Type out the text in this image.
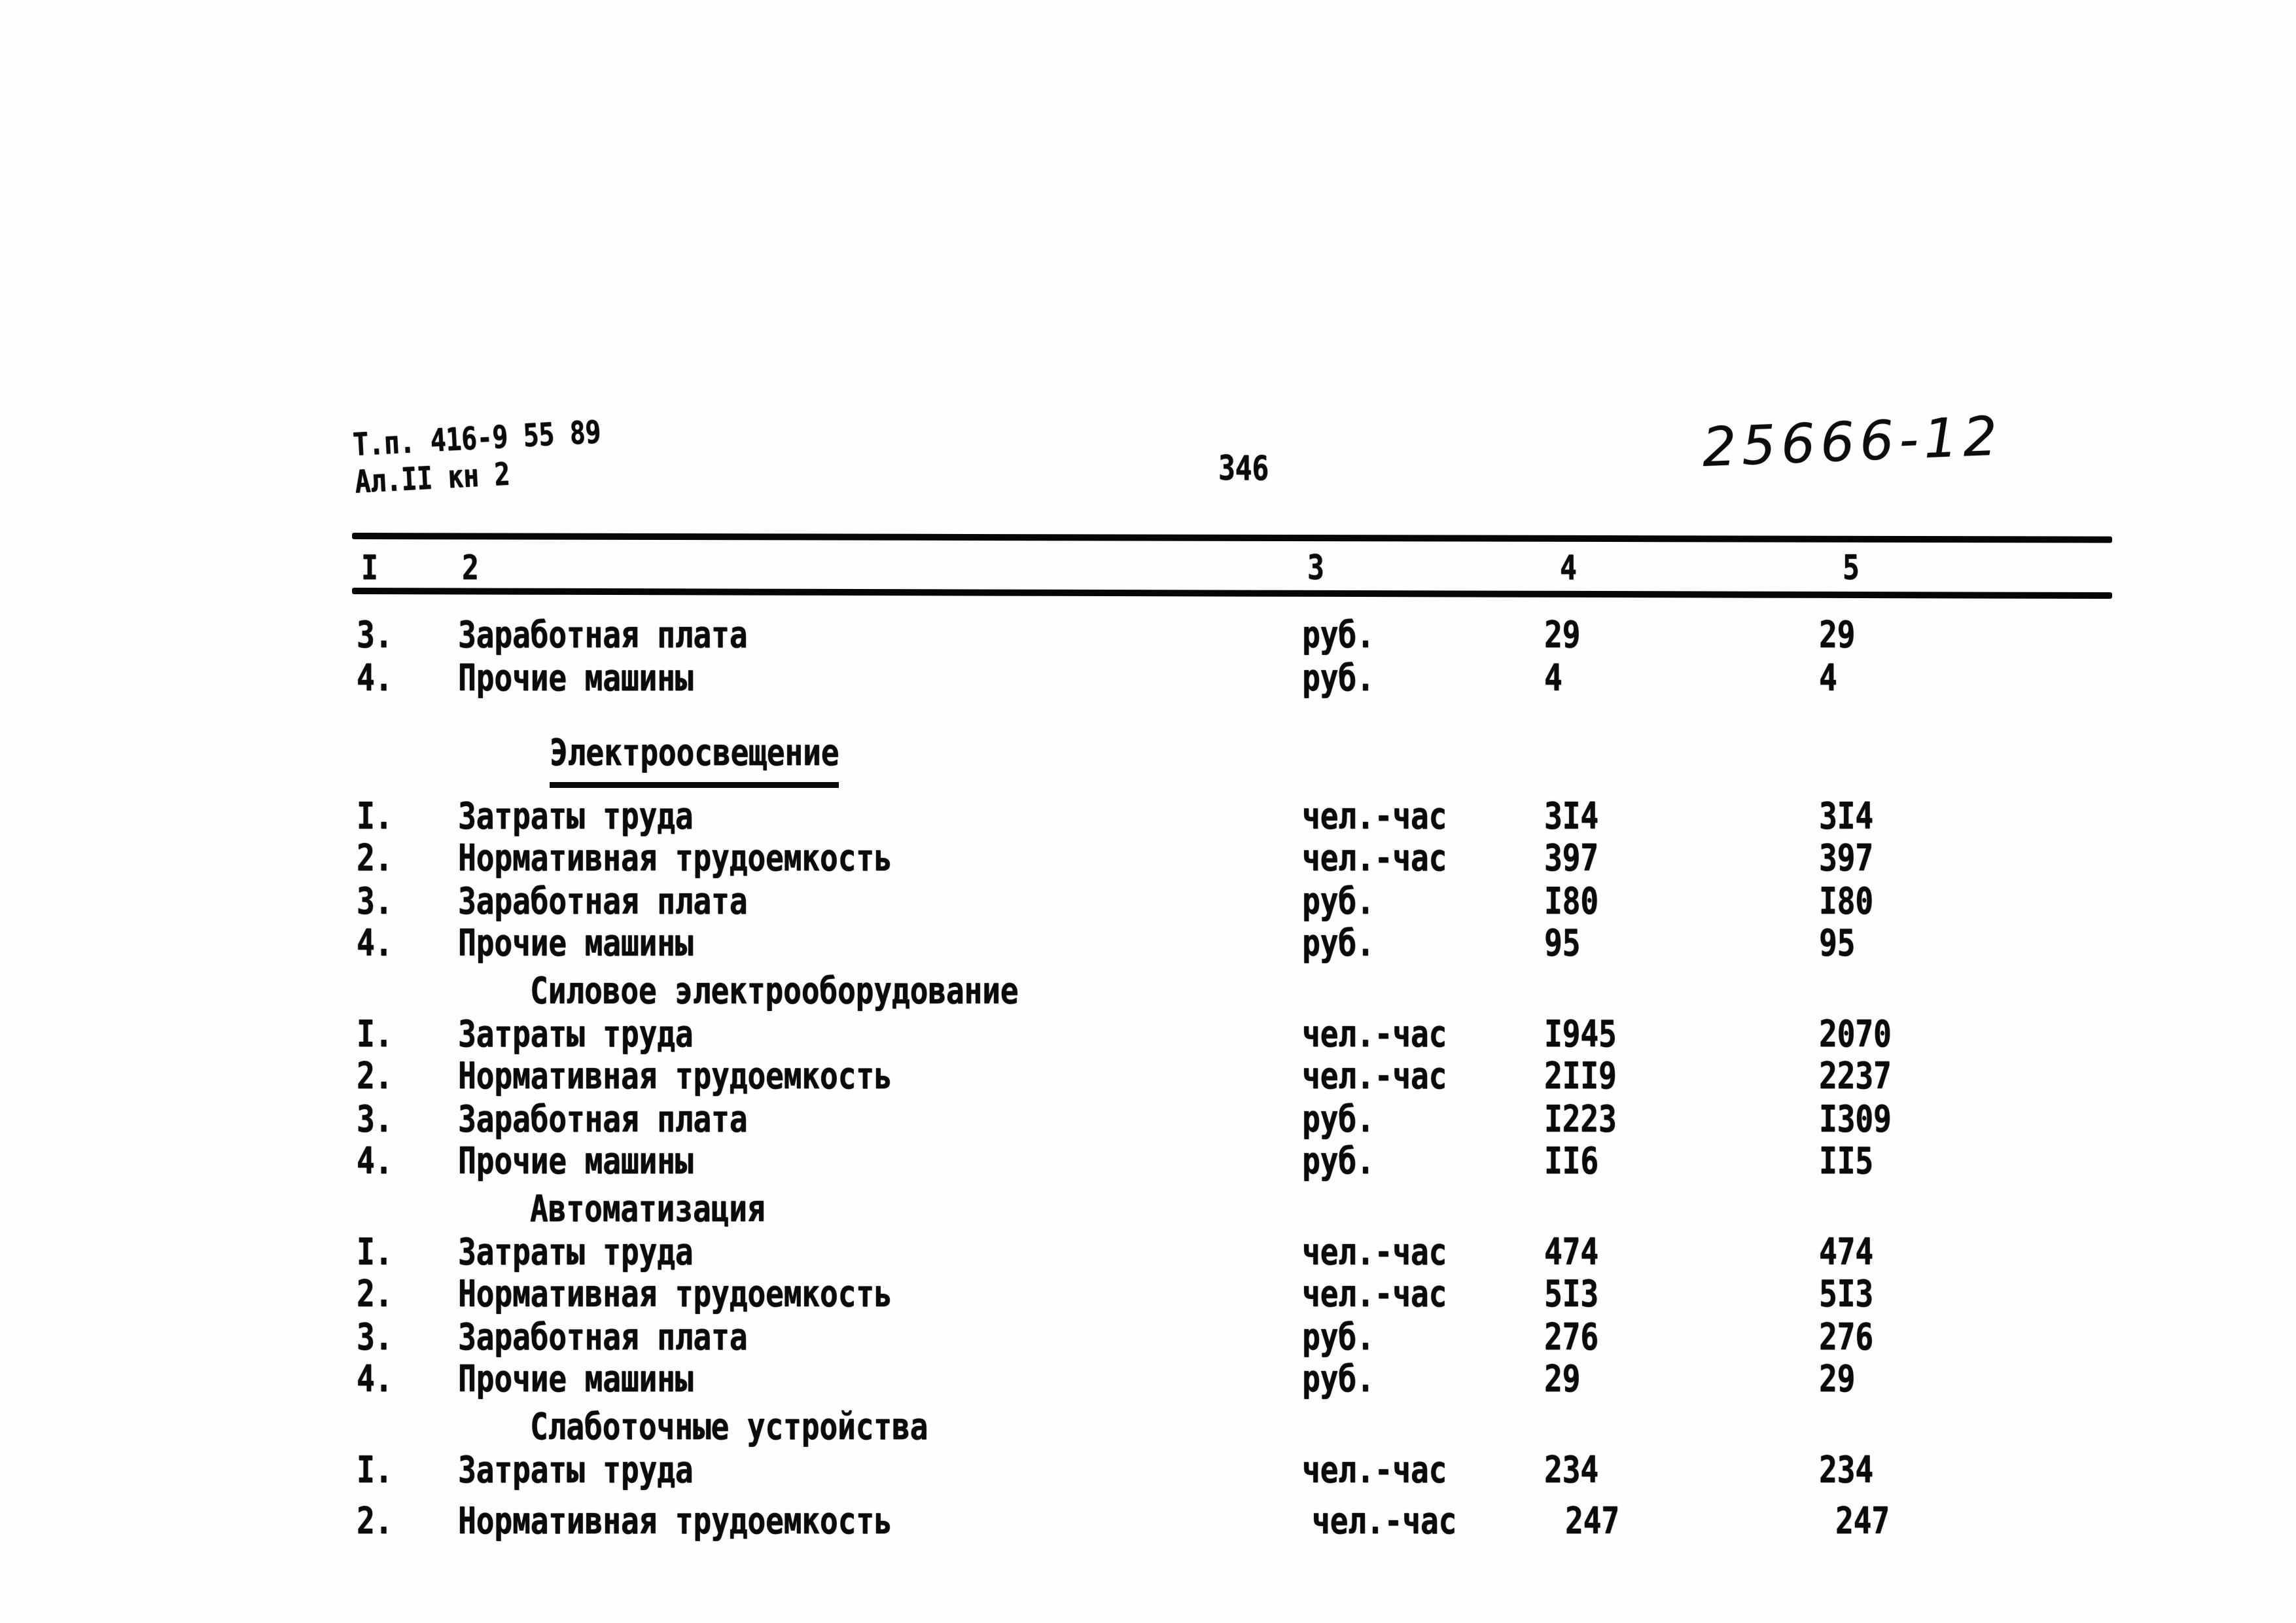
Т.п. 416-9 55 89
Ал.II кн 2	346	25666-12
I 2	3	4	5
3. Заработная плата	руб.	29	29
4. Прочие машины	руб.	4	4
Электроосвещение
I. Затраты труда	чел.-час	3I4	3I4
2. Нормативная трудоемкость	чел.-час	397	397
3. Заработная плата	руб.	I80	I80
4. Прочие машины	руб.	95	95
Силовое электрооборудование
I. Затраты труда	чел.-час	I945	2070
2. Нормативная трудоемкость	чел.-час	2II9	2237
3. Заработная плата	руб.	I223	I309
4. Прочие машины	руб.	II6	II5
Автоматизация
I. Затраты труда	чел.-час	474	474
2. Нормативная трудоемкость	чел.-час	5I3	5I3
3. Заработная плата	руб.	276	276
4. Прочие машины	руб.	29	29
Слаботочные устройства
I. Затраты труда	чел.-час	234	234
2. Нормативная трудоемкость	чел.-час	247	247
